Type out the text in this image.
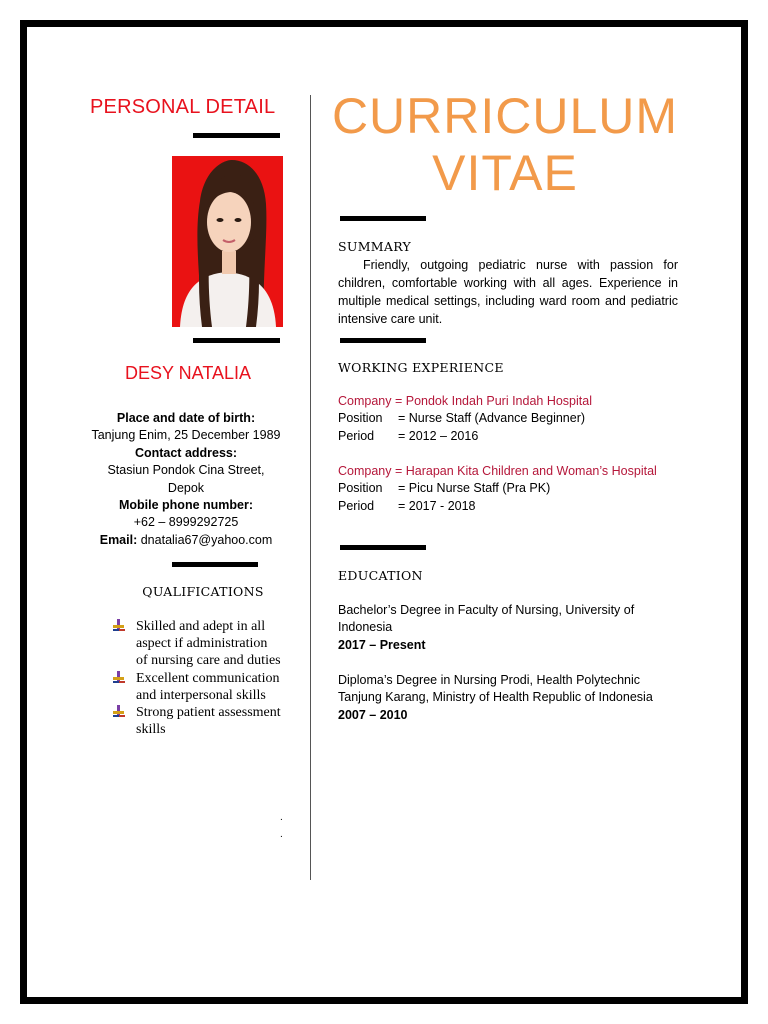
PERSONAL DETAIL
DESY NATALIA
Place and date of birth:
Tanjung Enim, 25 December 1989
Contact address:
Stasiun Pondok Cina Street,
Depok
Mobile phone number:
+62 – 8999292725
Email: dnatalia67@yahoo.com
QUALIFICATIONS
Skilled and adept in all aspect if administration of nursing care and duties
Excellent communication and interpersonal skills
Strong patient assessment skills
.
.
CURRICULUM
VITAE
SUMMARY
Friendly, outgoing pediatric nurse with passion for children, comfortable working with all ages. Experience in multiple medical settings, including ward room and pediatric intensive care unit.
WORKING EXPERIENCE
Company = Pondok Indah Puri Indah Hospital
Position	= Nurse Staff (Advance Beginner)
Period	= 2012 – 2016
Company = Harapan Kita Children and Woman’s Hospital
Position	= Picu Nurse Staff (Pra PK)
Period	= 2017 - 2018
EDUCATION
Bachelor’s Degree in Faculty of Nursing, University of
Indonesia
2017 – Present
Diploma’s Degree in Nursing Prodi, Health Polytechnic
Tanjung Karang, Ministry of Health Republic of Indonesia
2007 – 2010
